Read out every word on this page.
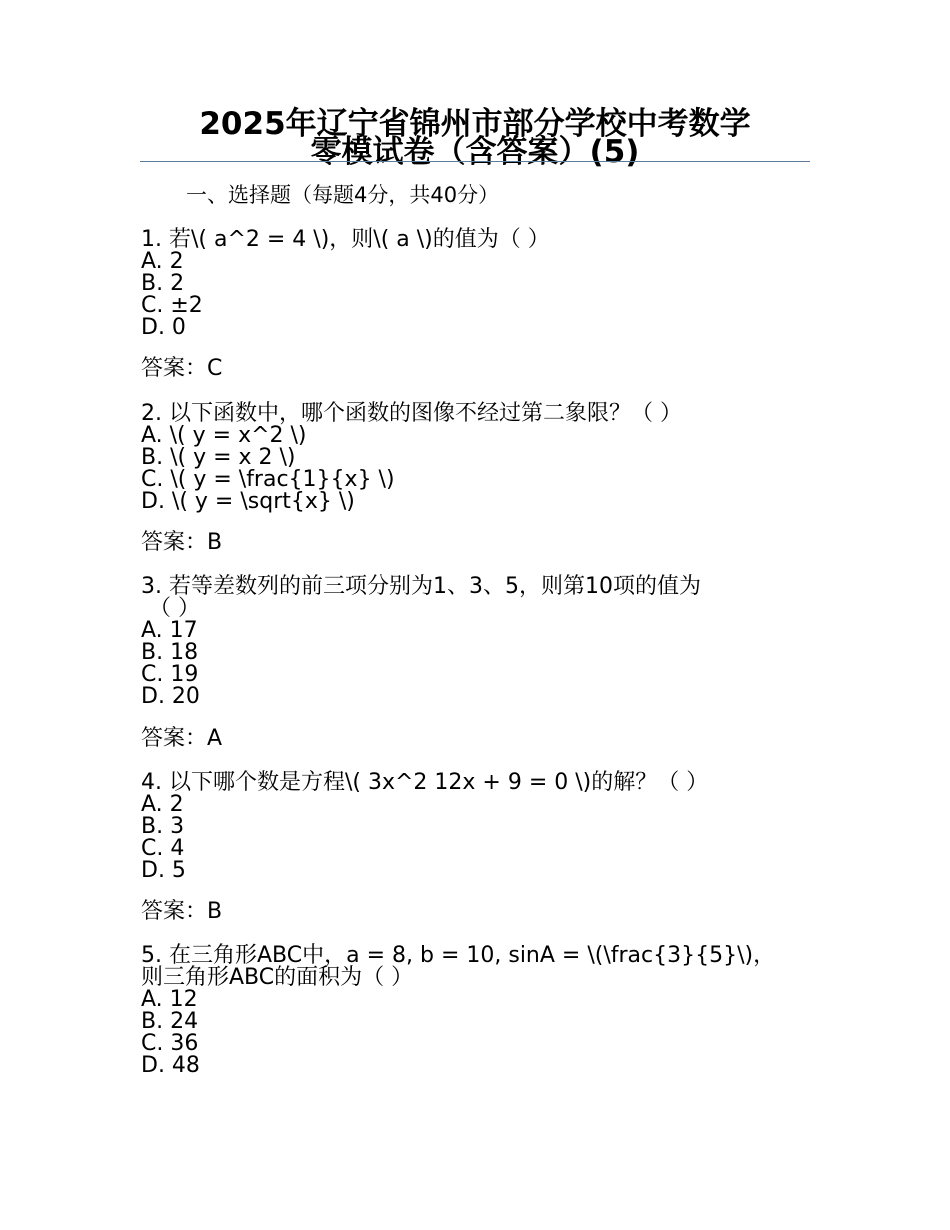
2025年辽宁省锦州市部分学校中考数学
零模试卷（含答案）(5)
一、选择题（每题4分，共40分）
1. 若\( a^2 = 4 \)，则\( a \)的值为（ ）
A. 2
B. 2
C. ±2
D. 0
答案：C
2. 以下函数中，哪个函数的图像不经过第二象限？（ ）
A. \( y = x^2 \)
B. \( y = x 2 \)
C. \( y = \frac{1}{x} \)
D. \( y = \sqrt{x} \)
答案：B
3. 若等差数列的前三项分别为1、3、5，则第10项的值为
（ ）
A. 17
B. 18
C. 19
D. 20
答案：A
4. 以下哪个数是方程\( 3x^2 12x + 9 = 0 \)的解？（ ）
A. 2
B. 3
C. 4
D. 5
答案：B
5. 在三角形ABC中，a = 8, b = 10, sinA = \(\frac{3}{5}\)，
则三角形ABC的面积为（ ）
A. 12
B. 24
C. 36
D. 48
